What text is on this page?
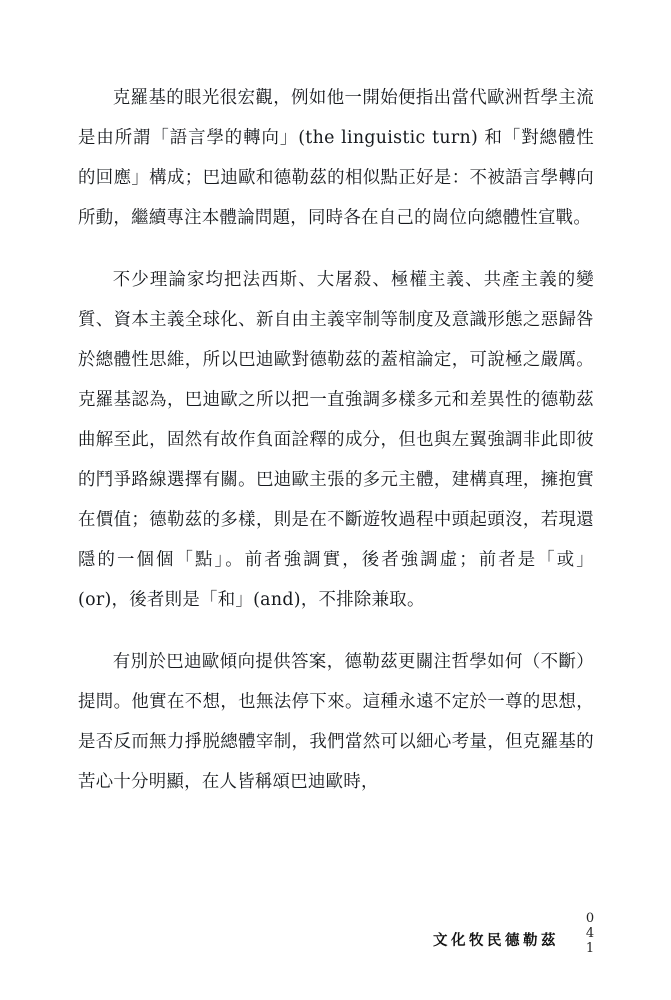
克羅基的眼光很宏觀，例如他一開始便指出當代歐洲哲學主流是由所謂「語言學的轉向」(the linguistic turn) 和「對總體性的回應」構成；巴迪歐和德勒茲的相似點正好是：不被語言學轉向所動，繼續專注本體論問題，同時各在自己的崗位向總體性宣戰。

不少理論家均把法西斯、大屠殺、極權主義、共產主義的變質、資本主義全球化、新自由主義宰制等制度及意識形態之惡歸咎於總體性思維，所以巴迪歐對德勒茲的蓋棺論定，可說極之嚴厲。克羅基認為，巴迪歐之所以把一直強調多樣多元和差異性的德勒茲曲解至此，固然有故作負面詮釋的成分，但也與左翼強調非此即彼的鬥爭路線選擇有關。巴迪歐主張的多元主體，建構真理，擁抱實在價值；德勒茲的多樣，則是在不斷遊牧過程中頭起頭沒，若現還隱的一個個「點」。前者強調實，後者強調虛；前者是「或」(or)，後者則是「和」(and)，不排除兼取。

有別於巴迪歐傾向提供答案，德勒茲更關注哲學如何（不斷）提問。他實在不想，也無法停下來。這種永遠不定於一尊的思想，是否反而無力掙脱總體宰制，我們當然可以細心考量，但克羅基的苦心十分明顯，在人皆稱頌巴迪歐時，

文化牧民德勒茲
0
4
1
